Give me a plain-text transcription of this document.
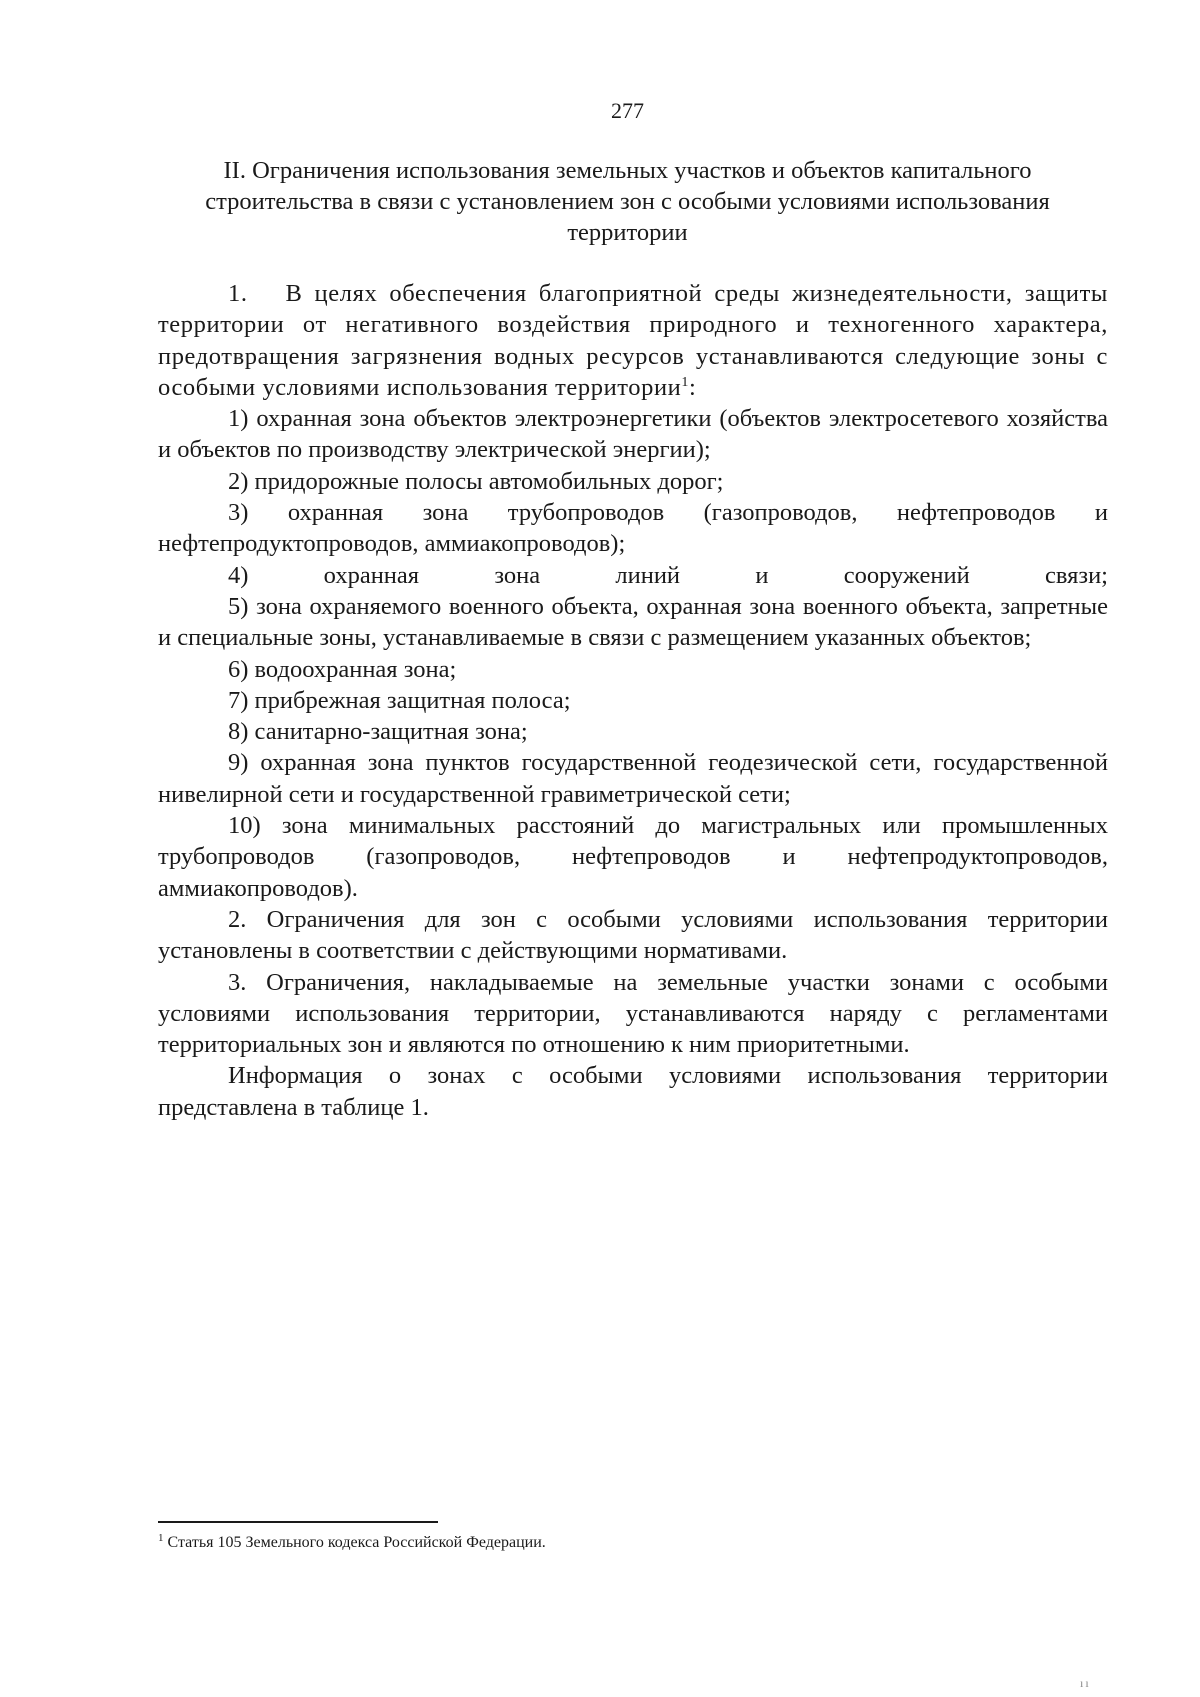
277
II. Ограничения использования земельных участков и объектов капитального
строительства в связи с установлением зон с особыми условиями использования
территории

1.  В целях обеспечения благоприятной среды жизнедеятельности, защиты территории от негативного воздействия природного и техногенного характера, предотвращения загрязнения водных ресурсов устанавливаются следующие зоны с особыми условиями использования территории$^1$:

1) охранная зона объектов электроэнергетики (объектов электросетевого хозяйства и объектов по производству электрической энергии);

2) придорожные полосы автомобильных дорог;

3) охранная зона трубопроводов (газопроводов, нефтепроводов и нефтепродуктопроводов, аммиакопроводов);

4) охранная зона линий и сооружений связи;

5) зона охраняемого военного объекта, охранная зона военного объекта, запретные и специальные зоны, устанавливаемые в связи с размещением указанных объектов;

6) водоохранная зона;

7) прибрежная защитная полоса;

8) санитарно-защитная зона;

9) охранная зона пунктов государственной геодезической сети, государственной нивелирной сети и государственной гравиметрической сети;

10) зона минимальных расстояний до магистральных или промышленных трубопроводов (газопроводов, нефтепроводов и нефтепродуктопроводов, аммиакопроводов).

2. Ограничения для зон с особыми условиями использования территории установлены в соответствии с действующими нормативами.

3. Ограничения, накладываемые на земельные участки зонами с особыми условиями использования территории, устанавливаются наряду с регламентами территориальных зон и являются по отношению к ним приоритетными.

Информация о зонах с особыми условиями использования территории представлена в таблице 1.

$^1$ Статья 105 Земельного кодекса Российской Федерации.
ıı
